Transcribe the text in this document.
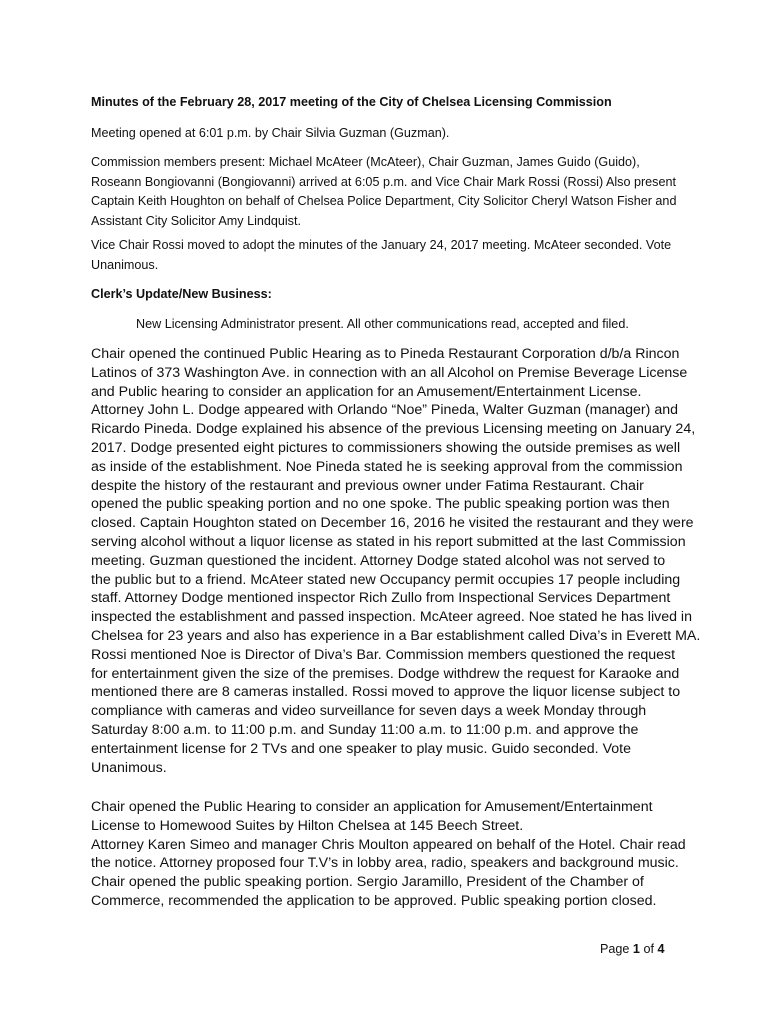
Minutes of the February 28, 2017 meeting of the City of Chelsea Licensing Commission

Meeting opened at 6:01 p.m. by Chair Silvia Guzman (Guzman).

Commission members present: Michael McAteer (McAteer), Chair Guzman, James Guido (Guido),
Roseann Bongiovanni (Bongiovanni) arrived at 6:05 p.m. and Vice Chair Mark Rossi (Rossi) Also present
Captain Keith Houghton on behalf of Chelsea Police Department, City Solicitor Cheryl Watson Fisher and
Assistant City Solicitor Amy Lindquist.
Vice Chair Rossi moved to adopt the minutes of the January 24, 2017 meeting. McAteer seconded. Vote
Unanimous.

Clerk’s Update/New Business:

New Licensing Administrator present. All other communications read, accepted and filed.

Chair opened the continued Public Hearing as to Pineda Restaurant Corporation d/b/a Rincon
Latinos of 373 Washington Ave. in connection with an all Alcohol on Premise Beverage License
and Public hearing to consider an application for an Amusement/Entertainment License.
Attorney John L. Dodge appeared with Orlando “Noe” Pineda, Walter Guzman (manager) and
Ricardo Pineda. Dodge explained his absence of the previous Licensing meeting on January 24,
2017. Dodge presented eight pictures to commissioners showing the outside premises as well
as inside of the establishment. Noe Pineda stated he is seeking approval from the commission
despite the history of the restaurant and previous owner under Fatima Restaurant. Chair
opened the public speaking portion and no one spoke. The public speaking portion was then
closed. Captain Houghton stated on December 16, 2016 he visited the restaurant and they were
serving alcohol without a liquor license as stated in his report submitted at the last Commission
meeting. Guzman questioned the incident. Attorney Dodge stated alcohol was not served to
the public but to a friend. McAteer stated new Occupancy permit occupies 17 people including
staff. Attorney Dodge mentioned inspector Rich Zullo from Inspectional Services Department
inspected the establishment and passed inspection. McAteer agreed. Noe stated he has lived in
Chelsea for 23 years and also has experience in a Bar establishment called Diva’s in Everett MA.
Rossi mentioned Noe is Director of Diva’s Bar. Commission members questioned the request
for entertainment given the size of the premises. Dodge withdrew the request for Karaoke and
mentioned there are 8 cameras installed. Rossi moved to approve the liquor license subject to
compliance with cameras and video surveillance for seven days a week Monday through
Saturday 8:00 a.m. to 11:00 p.m. and Sunday 11:00 a.m. to 11:00 p.m. and approve the
entertainment license for 2 TVs and one speaker to play music. Guido seconded. Vote
Unanimous.
Chair opened the Public Hearing to consider an application for Amusement/Entertainment
License to Homewood Suites by Hilton Chelsea at 145 Beech Street.
Attorney Karen Simeo and manager Chris Moulton appeared on behalf of the Hotel. Chair read
the notice. Attorney proposed four T.V’s in lobby area, radio, speakers and background music.
Chair opened the public speaking portion. Sergio Jaramillo, President of the Chamber of
Commerce, recommended the application to be approved. Public speaking portion closed.
Page 1 of 4
